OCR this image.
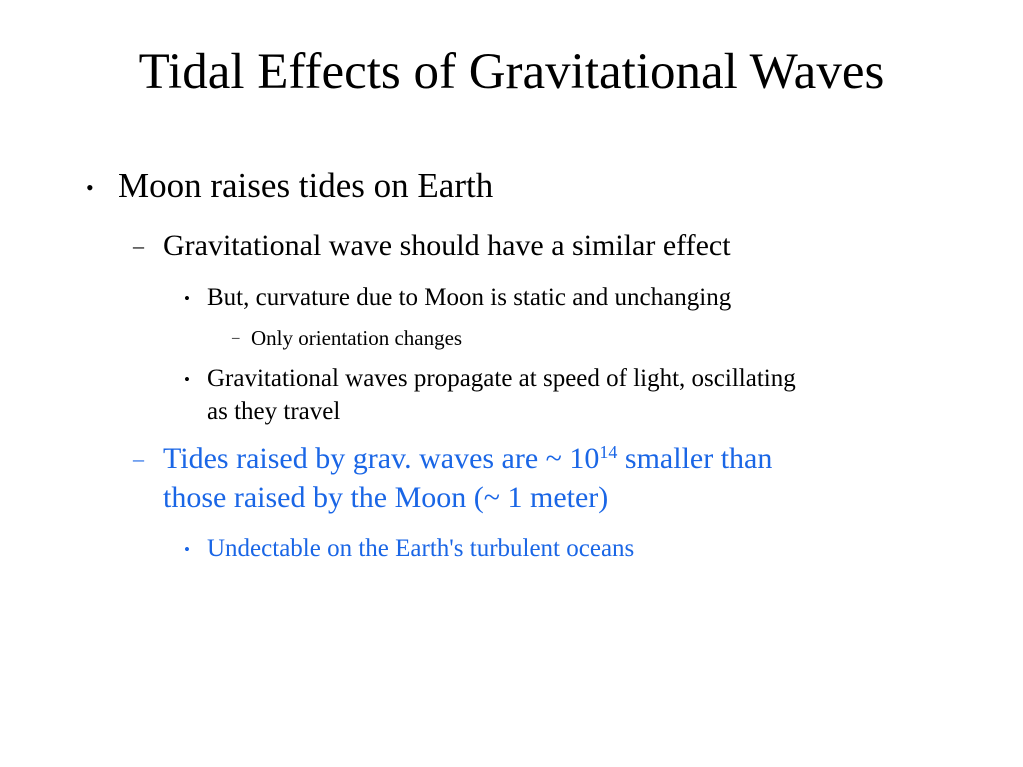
Tidal Effects of Gravitational Waves
• Moon raises tides on Earth
– Gravitational wave should have a similar effect
• But, curvature due to Moon is static and unchanging
– Only orientation changes
• Gravitational waves propagate at speed of light, oscillating
as they travel
– Tides raised by grav. waves are ~ $10^{14}$ smaller than
those raised by the Moon (~ 1 meter)
• Undectable on the Earth's turbulent oceans
